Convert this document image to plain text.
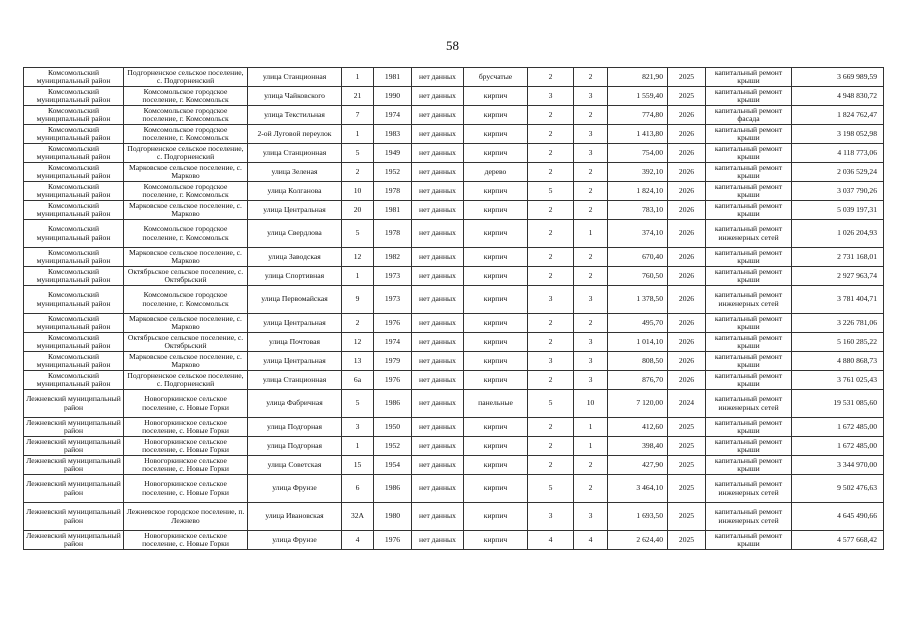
58
Комсомольский муниципальный район	Подгорненское сельское поселение, с. Подгорненский	улица Станционная	1	1981	нет данных	брусчатые	2	2	821,90	2025	капитальный ремонт крыши	3 669 989,59
Комсомольский муниципальный район	Комсомольское городское поселение, г. Комсомольск	улица Чайковского	21	1990	нет данных	кирпич	3	3	1 559,40	2025	капитальный ремонт крыши	4 948 830,72
Комсомольский муниципальный район	Комсомольское городское поселение, г. Комсомольск	улица Текстильная	7	1974	нет данных	кирпич	2	2	774,80	2026	капитальный ремонт фасада	1 824 762,47
Комсомольский муниципальный район	Комсомольское городское поселение, г. Комсомольск	2-ой Луговой переулок	1	1983	нет данных	кирпич	2	3	1 413,80	2026	капитальный ремонт крыши	3 198 052,98
Комсомольский муниципальный район	Подгорненское сельское поселение, с. Подгорненский	улица Станционная	5	1949	нет данных	кирпич	2	3	754,00	2026	капитальный ремонт крыши	4 118 773,06
Комсомольский муниципальный район	Марковское сельское поселение, с. Марково	улица Зеленая	2	1952	нет данных	дерево	2	2	392,10	2026	капитальный ремонт крыши	2 036 529,24
Комсомольский муниципальный район	Комсомольское городское поселение, г. Комсомольск	улица Колганова	10	1978	нет данных	кирпич	5	2	1 824,10	2026	капитальный ремонт крыши	3 037 790,26
Комсомольский муниципальный район	Марковское сельское поселение, с. Марково	улица Центральная	20	1981	нет данных	кирпич	2	2	783,10	2026	капитальный ремонт крыши	5 039 197,31
Комсомольский муниципальный район	Комсомольское городское поселение, г. Комсомольск	улица Свердлова	5	1978	нет данных	кирпич	2	1	374,10	2026	капитальный ремонт инженерных сетей	1 026 204,93
Комсомольский муниципальный район	Марковское сельское поселение, с. Марково	улица Заводская	12	1982	нет данных	кирпич	2	2	670,40	2026	капитальный ремонт крыши	2 731 168,01
Комсомольский муниципальный район	Октябрьское сельское поселение, с. Октябрьский	улица Спортивная	1	1973	нет данных	кирпич	2	2	760,50	2026	капитальный ремонт крыши	2 927 963,74
Комсомольский муниципальный район	Комсомольское городское поселение, г. Комсомольск	улица Первомайская	9	1973	нет данных	кирпич	3	3	1 378,50	2026	капитальный ремонт инженерных сетей	3 781 404,71
Комсомольский муниципальный район	Марковское сельское поселение, с. Марково	улица Центральная	2	1976	нет данных	кирпич	2	2	495,70	2026	капитальный ремонт крыши	3 226 781,06
Комсомольский муниципальный район	Октябрьское сельское поселение, с. Октябрьский	улица Почтовая	12	1974	нет данных	кирпич	2	3	1 014,10	2026	капитальный ремонт крыши	5 160 285,22
Комсомольский муниципальный район	Марковское сельское поселение, с. Марково	улица Центральная	13	1979	нет данных	кирпич	3	3	808,50	2026	капитальный ремонт крыши	4 880 868,73
Комсомольский муниципальный район	Подгорненское сельское поселение, с. Подгорненский	улица Станционная	6а	1976	нет данных	кирпич	2	3	876,70	2026	капитальный ремонт крыши	3 761 025,43
Лежневский муниципальный район	Новогоркинское сельское поселение, с. Новые Горки	улица Фабричная	5	1986	нет данных	панельные	5	10	7 120,00	2024	капитальный ремонт инженерных сетей	19 531 085,60
Лежневский муниципальный район	Новогоркинское сельское поселение, с. Новые Горки	улица Подгорная	3	1950	нет данных	кирпич	2	1	412,60	2025	капитальный ремонт крыши	1 672 485,00
Лежневский муниципальный район	Новогоркинское сельское поселение, с. Новые Горки	улица Подгорная	1	1952	нет данных	кирпич	2	1	398,40	2025	капитальный ремонт крыши	1 672 485,00
Лежневский муниципальный район	Новогоркинское сельское поселение, с. Новые Горки	улица Советская	15	1954	нет данных	кирпич	2	2	427,90	2025	капитальный ремонт крыши	3 344 970,00
Лежневский муниципальный район	Новогоркинское сельское поселение, с. Новые Горки	улица Фрунзе	6	1986	нет данных	кирпич	5	2	3 464,10	2025	капитальный ремонт инженерных сетей	9 502 476,63
Лежневский муниципальный район	Лежневское городское поселение, п. Лежнево	улица Ивановская	32А	1980	нет данных	кирпич	3	3	1 693,50	2025	капитальный ремонт инженерных сетей	4 645 490,66
Лежневский муниципальный район	Новогоркинское сельское поселение, с. Новые Горки	улица Фрунзе	4	1976	нет данных	кирпич	4	4	2 624,40	2025	капитальный ремонт крыши	4 577 668,42
